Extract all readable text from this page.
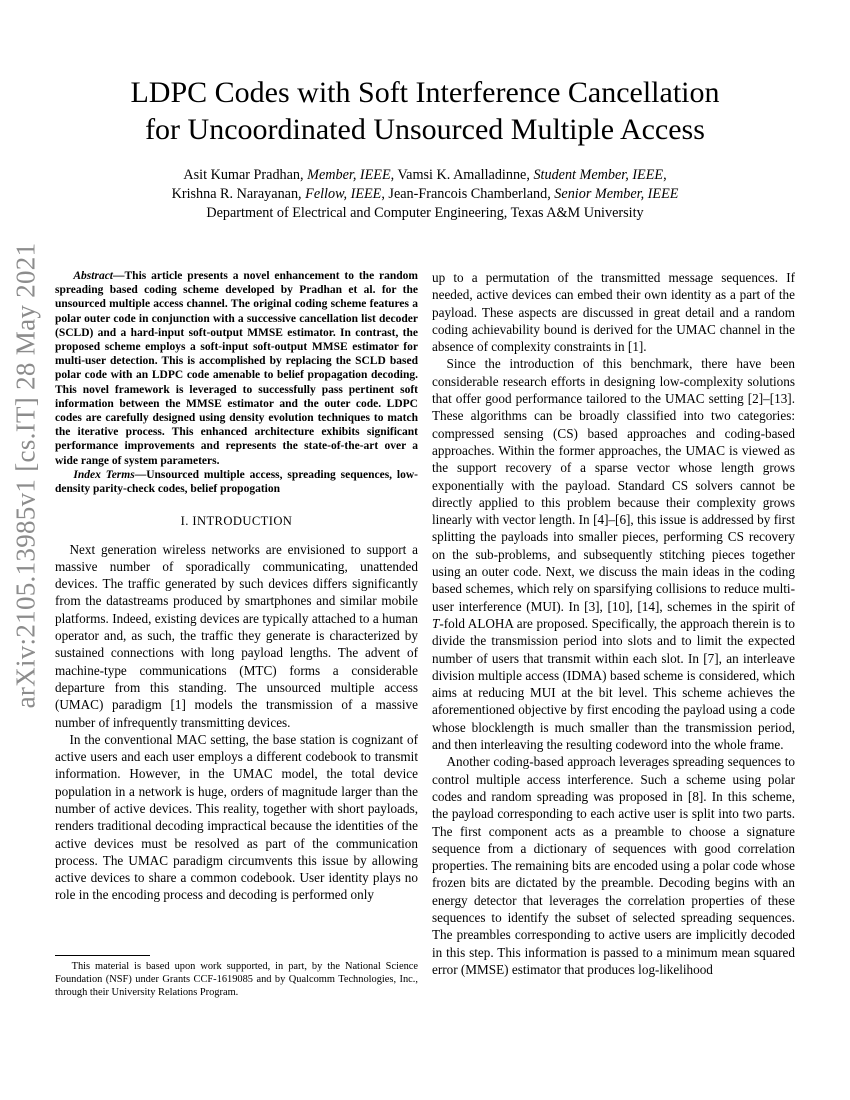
arXiv:2105.13985v1 [cs.IT] 28 May 2021
LDPC Codes with Soft Interference Cancellation
for Uncoordinated Unsourced Multiple Access
Asit Kumar Pradhan, Member, IEEE, Vamsi K. Amalladinne, Student Member, IEEE,
Krishna R. Narayanan, Fellow, IEEE, Jean-Francois Chamberland, Senior Member, IEEE
Department of Electrical and Computer Engineering, Texas A&M University

Abstract—This article presents a novel enhancement to the random spreading based coding scheme developed by Pradhan et al. for the unsourced multiple access channel. The original coding scheme features a polar outer code in conjunction with a successive cancellation list decoder (SCLD) and a hard-input soft-output MMSE estimator. In contrast, the proposed scheme employs a soft-input soft-output MMSE estimator for multi-user detection. This is accomplished by replacing the SCLD based polar code with an LDPC code amenable to belief propagation decoding. This novel framework is leveraged to successfully pass pertinent soft information between the MMSE estimator and the outer code. LDPC codes are carefully designed using density evolution techniques to match the iterative process. This enhanced architecture exhibits significant performance improvements and represents the state-of-the-art over a wide range of system parameters.

Index Terms—Unsourced multiple access, spreading sequences, low-density parity-check codes, belief propogation

I. INTRODUCTION

Next generation wireless networks are envisioned to support a massive number of sporadically communicating, unattended devices. The traffic generated by such devices differs significantly from the datastreams produced by smartphones and similar mobile platforms. Indeed, existing devices are typically attached to a human operator and, as such, the traffic they generate is characterized by sustained connections with long payload lengths. The advent of machine-type communications (MTC) forms a considerable departure from this standing. The unsourced multiple access (UMAC) paradigm [1] models the transmission of a massive number of infrequently transmitting devices.

In the conventional MAC setting, the base station is cognizant of active users and each user employs a different codebook to transmit information. However, in the UMAC model, the total device population in a network is huge, orders of magnitude larger than the number of active devices. This reality, together with short payloads, renders traditional decoding impractical because the identities of the active devices must be resolved as part of the communication process. The UMAC paradigm circumvents this issue by allowing active devices to share a common codebook. User identity plays no role in the encoding process and decoding is performed only

up to a permutation of the transmitted message sequences. If needed, active devices can embed their own identity as a part of the payload. These aspects are discussed in great detail and a random coding achievability bound is derived for the UMAC channel in the absence of complexity constraints in [1].

Since the introduction of this benchmark, there have been considerable research efforts in designing low-complexity solutions that offer good performance tailored to the UMAC setting [2]–[13]. These algorithms can be broadly classified into two categories: compressed sensing (CS) based approaches and coding-based approaches. Within the former approaches, the UMAC is viewed as the support recovery of a sparse vector whose length grows exponentially with the payload. Standard CS solvers cannot be directly applied to this problem because their complexity grows linearly with vector length. In [4]–[6], this issue is addressed by first splitting the payloads into smaller pieces, performing CS recovery on the sub-problems, and subsequently stitching pieces together using an outer code. Next, we discuss the main ideas in the coding based schemes, which rely on sparsifying collisions to reduce multi-user interference (MUI). In [3], [10], [14], schemes in the spirit of T-fold ALOHA are proposed. Specifically, the approach therein is to divide the transmission period into slots and to limit the expected number of users that transmit within each slot. In [7], an interleave division multiple access (IDMA) based scheme is considered, which aims at reducing MUI at the bit level. This scheme achieves the aforementioned objective by first encoding the payload using a code whose blocklength is much smaller than the transmission period, and then interleaving the resulting codeword into the whole frame.

Another coding-based approach leverages spreading sequences to control multiple access interference. Such a scheme using polar codes and random spreading was proposed in [8]. In this scheme, the payload corresponding to each active user is split into two parts. The first component acts as a preamble to choose a signature sequence from a dictionary of sequences with good correlation properties. The remaining bits are encoded using a polar code whose frozen bits are dictated by the preamble. Decoding begins with an energy detector that leverages the correlation properties of these sequences to identify the subset of selected spreading sequences. The preambles corresponding to active users are implicitly decoded in this step. This information is passed to a minimum mean squared error (MMSE) estimator that produces log-likelihood

This material is based upon work supported, in part, by the National Science Foundation (NSF) under Grants CCF-1619085 and by Qualcomm Technologies, Inc., through their University Relations Program.
